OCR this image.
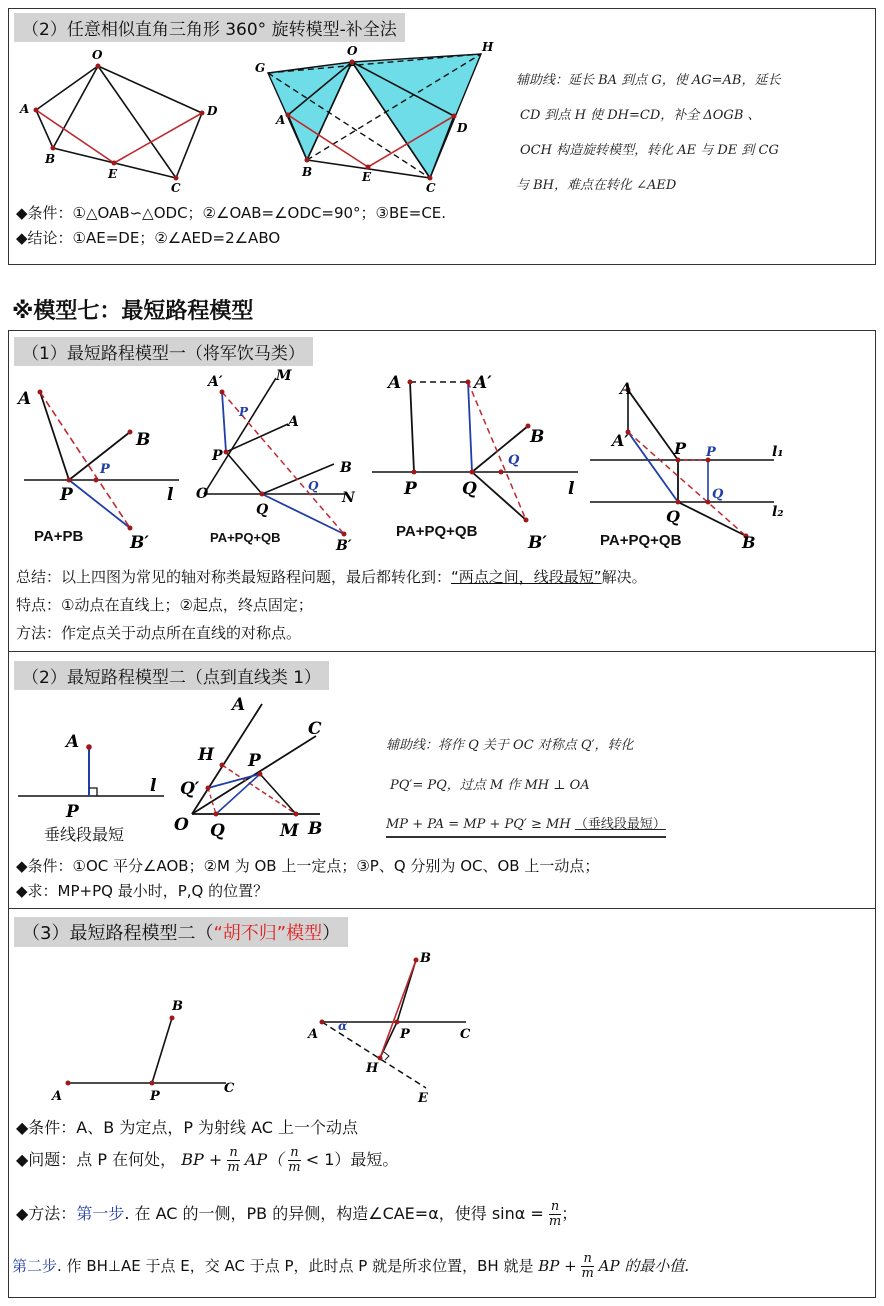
（2）任意相似直角三角形 360° 旋转模型-补全法
O
A	D
B
E
C
G
O	H
A
D
B	E
C
辅助线：延长 BA 到点 G，使 AG=AB，延长
CD 到点 H 使 DH=CD，补全 ΔOGB 、
OCH 构造旋转模型，转化 AE 与 DE 到 CG
与 BH，难点在转化 ∠AED
◆条件：①△OAB∽△ODC；②∠OAB=∠ODC=90°；③BE=CE.
◆结论：①AE=DE；②∠AED=2∠ABO
※模型七：最短路程模型
（1）最短路程模型一（将军饮马类）
A
B
P
P	l
B′
PA+PB
A′	M
P
A
P
B
Q
N
O
Q
B′
PA+PQ+QB
A	A′
B
Q
P	Q	l
B′
PA+PQ+QB
A
A′	P P	l₁
Q
Q	l₂
B
PA+PQ+QB
总结：以上四图为常见的轴对称类最短路程问题，最后都转化到：“两点之间，线段最短”解决。
特点：①动点在直线上；②起点，终点固定；
方法：作定点关于动点所在直线的对称点。
（2）最短路程模型二（点到直线类 1）
A
P
l
垂线段最短
A
C
H P
Q′
O Q	M B
辅助线：将作 Q 关于 OC 对称点 Q′，转化
PQ′= PQ，过点 M 作 MH ⊥ OA
MP + PA = MP + PQ′ ≥ MH （垂线段最短）
◆条件：①OC 平分∠AOB；②M 为 OB 上一定点；③P、Q 分别为 OC、OB 上一动点；
◆求：MP+PQ 最小时，P,Q 的位置？
（3）最短路程模型二（“胡不归”模型）
B
A	P
C
B
A
α
P	C
H
E
◆条件：A、B 为定点，P 为射线 AC 上一个动点
◆问题：点 P 在何处， BP + $\frac{n}{m} AP( \frac{n}{m} < 1)$最短。
◆方法：第一步. 在 AC 的一侧，PB 的异侧，构造∠CAE=α，使得 $\sin\alpha = \frac{n}{m}$ ；
第二步. 作 BH⊥AE 于点 E，交 AC 于点 P，此时点 P 就是所求位置，BH 就是 BP + $\frac{n}{m}$ AP 的最小值.
